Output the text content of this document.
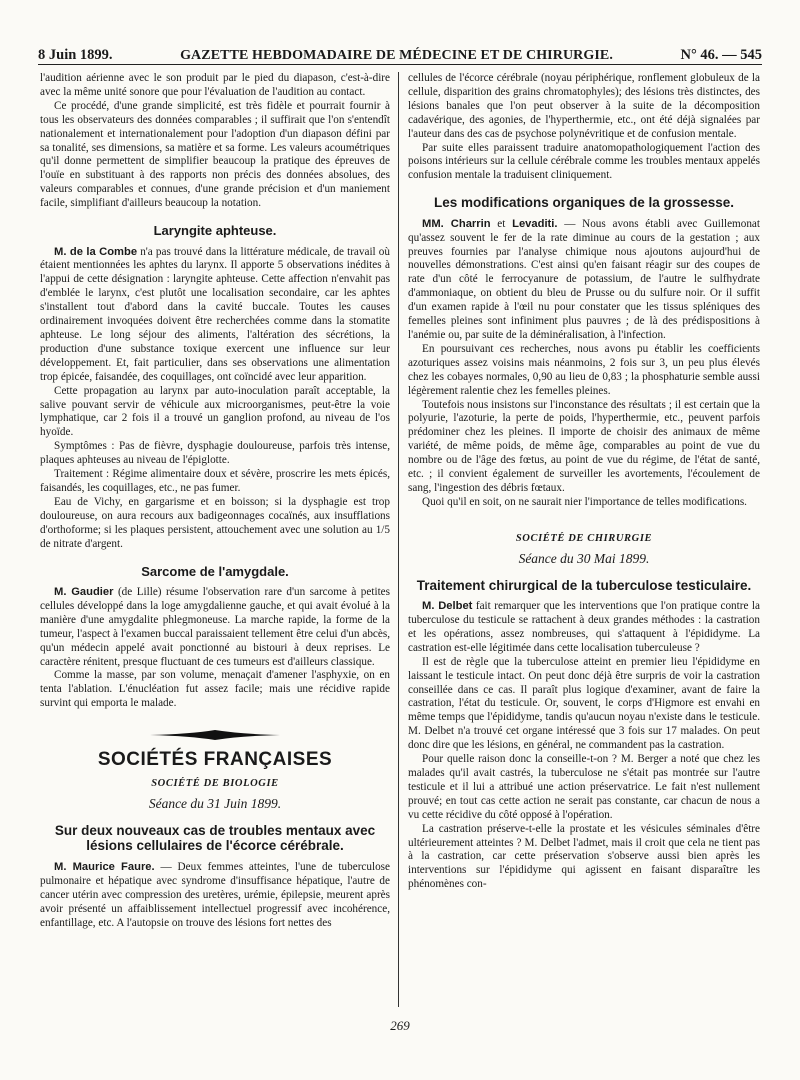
8 Juin 1899.	GAZETTE HEBDOMADAIRE DE MÉDECINE ET DE CHIRURGIE.	N° 46. — 545

l'audition aérienne avec le son produit par le pied du diapason, c'est-à-dire avec la même unité sonore que pour l'évaluation de l'audition au contact.

Ce procédé, d'une grande simplicité, est très fidèle et pourrait fournir à tous les observateurs des données comparables ; il suffirait que l'on s'entendît nationalement et internationalement pour l'adoption d'un diapason défini par sa tonalité, ses dimensions, sa matière et sa forme. Les valeurs acoumétriques qu'il donne permettent de simplifier beaucoup la pratique des épreuves de l'ouïe en substituant à des rapports non précis des données absolues, des valeurs comparables et connues, d'une grande précision et d'un maniement facile, simplifiant d'ailleurs beaucoup la notation.

Laryngite aphteuse.

M. de la Combe n'a pas trouvé dans la littérature médicale, de travail où étaient mentionnées les aphtes du larynx. Il apporte 5 observations inédites à l'appui de cette désignation : laryngite aphteuse. Cette affection n'envahit pas d'emblée le larynx, c'est plutôt une localisation secondaire, car les aphtes s'installent tout d'abord dans la cavité buccale. Toutes les causes ordinairement invoquées doivent être recherchées comme dans la stomatite aphteuse. Le long séjour des aliments, l'altération des sécrétions, la production d'une substance toxique exercent une influence sur leur développement. Et, fait particulier, dans ses observations une alimentation trop épicée, faisandée, des coquillages, ont coïncidé avec leur apparition.

Cette propagation au larynx par auto-inoculation paraît acceptable, la salive pouvant servir de véhicule aux microorganismes, peut-être la voie lymphatique, car 2 fois il a trouvé un ganglion profond, au niveau de l'os hyoïde.

Symptômes : Pas de fièvre, dysphagie douloureuse, parfois très intense, plaques aphteuses au niveau de l'épiglotte.

Traitement : Régime alimentaire doux et sévère, proscrire les mets épicés, faisandés, les coquillages, etc., ne pas fumer.

Eau de Vichy, en gargarisme et en boisson; si la dysphagie est trop douloureuse, on aura recours aux badigeonnages cocaïnés, aux insufflations d'orthoforme; si les plaques persistent, attouchement avec une solution au 1/5 de nitrate d'argent.

Sarcome de l'amygdale.

M. Gaudier (de Lille) résume l'observation rare d'un sarcome à petites cellules développé dans la loge amygdalienne gauche, et qui avait évolué à la manière d'une amygdalite phlegmoneuse. La marche rapide, la forme de la tumeur, l'aspect à l'examen buccal paraissaient tellement être celui d'un abcès, qu'un médecin appelé avait ponctionné au bistouri à deux reprises. Le caractère rénitent, presque fluctuant de ces tumeurs est d'ailleurs classique.

Comme la masse, par son volume, menaçait d'amener l'asphyxie, on en tenta l'ablation. L'énucléation fut assez facile; mais une récidive rapide survint qui emporta le malade.

SOCIÉTÉS FRANÇAISES
SOCIÉTÉ DE BIOLOGIE
Séance du 31 Juin 1899.
Sur deux nouveaux cas de troubles mentaux avec lésions cellulaires de l'écorce cérébrale.

M. Maurice Faure. — Deux femmes atteintes, l'une de tuberculose pulmonaire et hépatique avec syndrome d'insuffisance hépatique, l'autre de cancer utérin avec compression des uretères, urémie, épilepsie, meurent après avoir présenté un affaiblissement intellectuel progressif avec incohérence, enfantillage, etc. A l'autopsie on trouve des lésions fort nettes des

cellules de l'écorce cérébrale (noyau périphérique, ronflement globuleux de la cellule, disparition des grains chromatophyles); des lésions très distinctes, des lésions banales que l'on peut observer à la suite de la décomposition cadavérique, des agonies, de l'hyperthermie, etc., ont été déjà signalées par l'auteur dans des cas de psychose polynévritique et de confusion mentale.

Par suite elles paraissent traduire anatomopathologiquement l'action des poisons intérieurs sur la cellule cérébrale comme les troubles mentaux appelés confusion mentale la traduisent cliniquement.

Les modifications organiques de la grossesse.

MM. Charrin et Levaditi. — Nous avons établi avec Guillemonat qu'assez souvent le fer de la rate diminue au cours de la gestation ; aux preuves fournies par l'analyse chimique nous ajoutons aujourd'hui de nouvelles démonstrations. C'est ainsi qu'en faisant réagir sur des coupes de rate d'un côté le ferrocyanure de potassium, de l'autre le sulfhydrate d'ammoniaque, on obtient du bleu de Prusse ou du sulfure noir. Or il suffit d'un examen rapide à l'œil nu pour constater que les tissus spléniques des femelles pleines sont infiniment plus pauvres ; de là des prédispositions à l'anémie ou, par suite de la déminéralisation, à l'infection.

En poursuivant ces recherches, nous avons pu établir les coefficients azoturiques assez voisins mais néanmoins, 2 fois sur 3, un peu plus élevés chez les cobayes normales, 0,90 au lieu de 0,83 ; la phosphaturie semble aussi légèrement ralentie chez les femelles pleines.

Toutefois nous insistons sur l'inconstance des résultats ; il est certain que la polyurie, l'azoturie, la perte de poids, l'hyperthermie, etc., peuvent parfois prédominer chez les pleines. Il importe de choisir des animaux de même variété, de même poids, de même âge, comparables au point de vue du nombre ou de l'âge des fœtus, au point de vue du régime, de l'état de santé, etc. ; il convient également de surveiller les avortements, l'écoulement de sang, l'ingestion des débris fœtaux.

Quoi qu'il en soit, on ne saurait nier l'importance de telles modifications.

SOCIÉTÉ DE CHIRURGIE
Séance du 30 Mai 1899.
Traitement chirurgical de la tuberculose testiculaire.

M. Delbet fait remarquer que les interventions que l'on pratique contre la tuberculose du testicule se rattachent à deux grandes méthodes : la castration et les opérations, assez nombreuses, qui s'attaquent à l'épididyme. La castration est-elle légitimée dans cette localisation tuberculeuse ?

Il est de règle que la tuberculose atteint en premier lieu l'épididyme en laissant le testicule intact. On peut donc déjà être surpris de voir la castration conseillée dans ce cas. Il paraît plus logique d'examiner, avant de faire la castration, l'état du testicule. Or, souvent, le corps d'Higmore est envahi en même temps que l'épididyme, tandis qu'aucun noyau n'existe dans le testicule. M. Delbet n'a trouvé cet organe intéressé que 3 fois sur 17 malades. On peut donc dire que les lésions, en général, ne commandent pas la castration.

Pour quelle raison donc la conseille-t-on ? M. Berger a noté que chez les malades qu'il avait castrés, la tuberculose ne s'était pas montrée sur l'autre testicule et il lui a attribué une action préservatrice. Le fait n'est nullement prouvé; en tout cas cette action ne serait pas constante, car chacun de nous a vu cette récidive du côté opposé à l'opération.

La castration préserve-t-elle la prostate et les vésicules séminales d'être ultérieurement atteintes ? M. Delbet l'admet, mais il croit que cela ne tient pas à la castration, car cette préservation s'observe aussi bien après les interventions sur l'épididyme qui agissent en faisant disparaître les phénomènes con-

269
